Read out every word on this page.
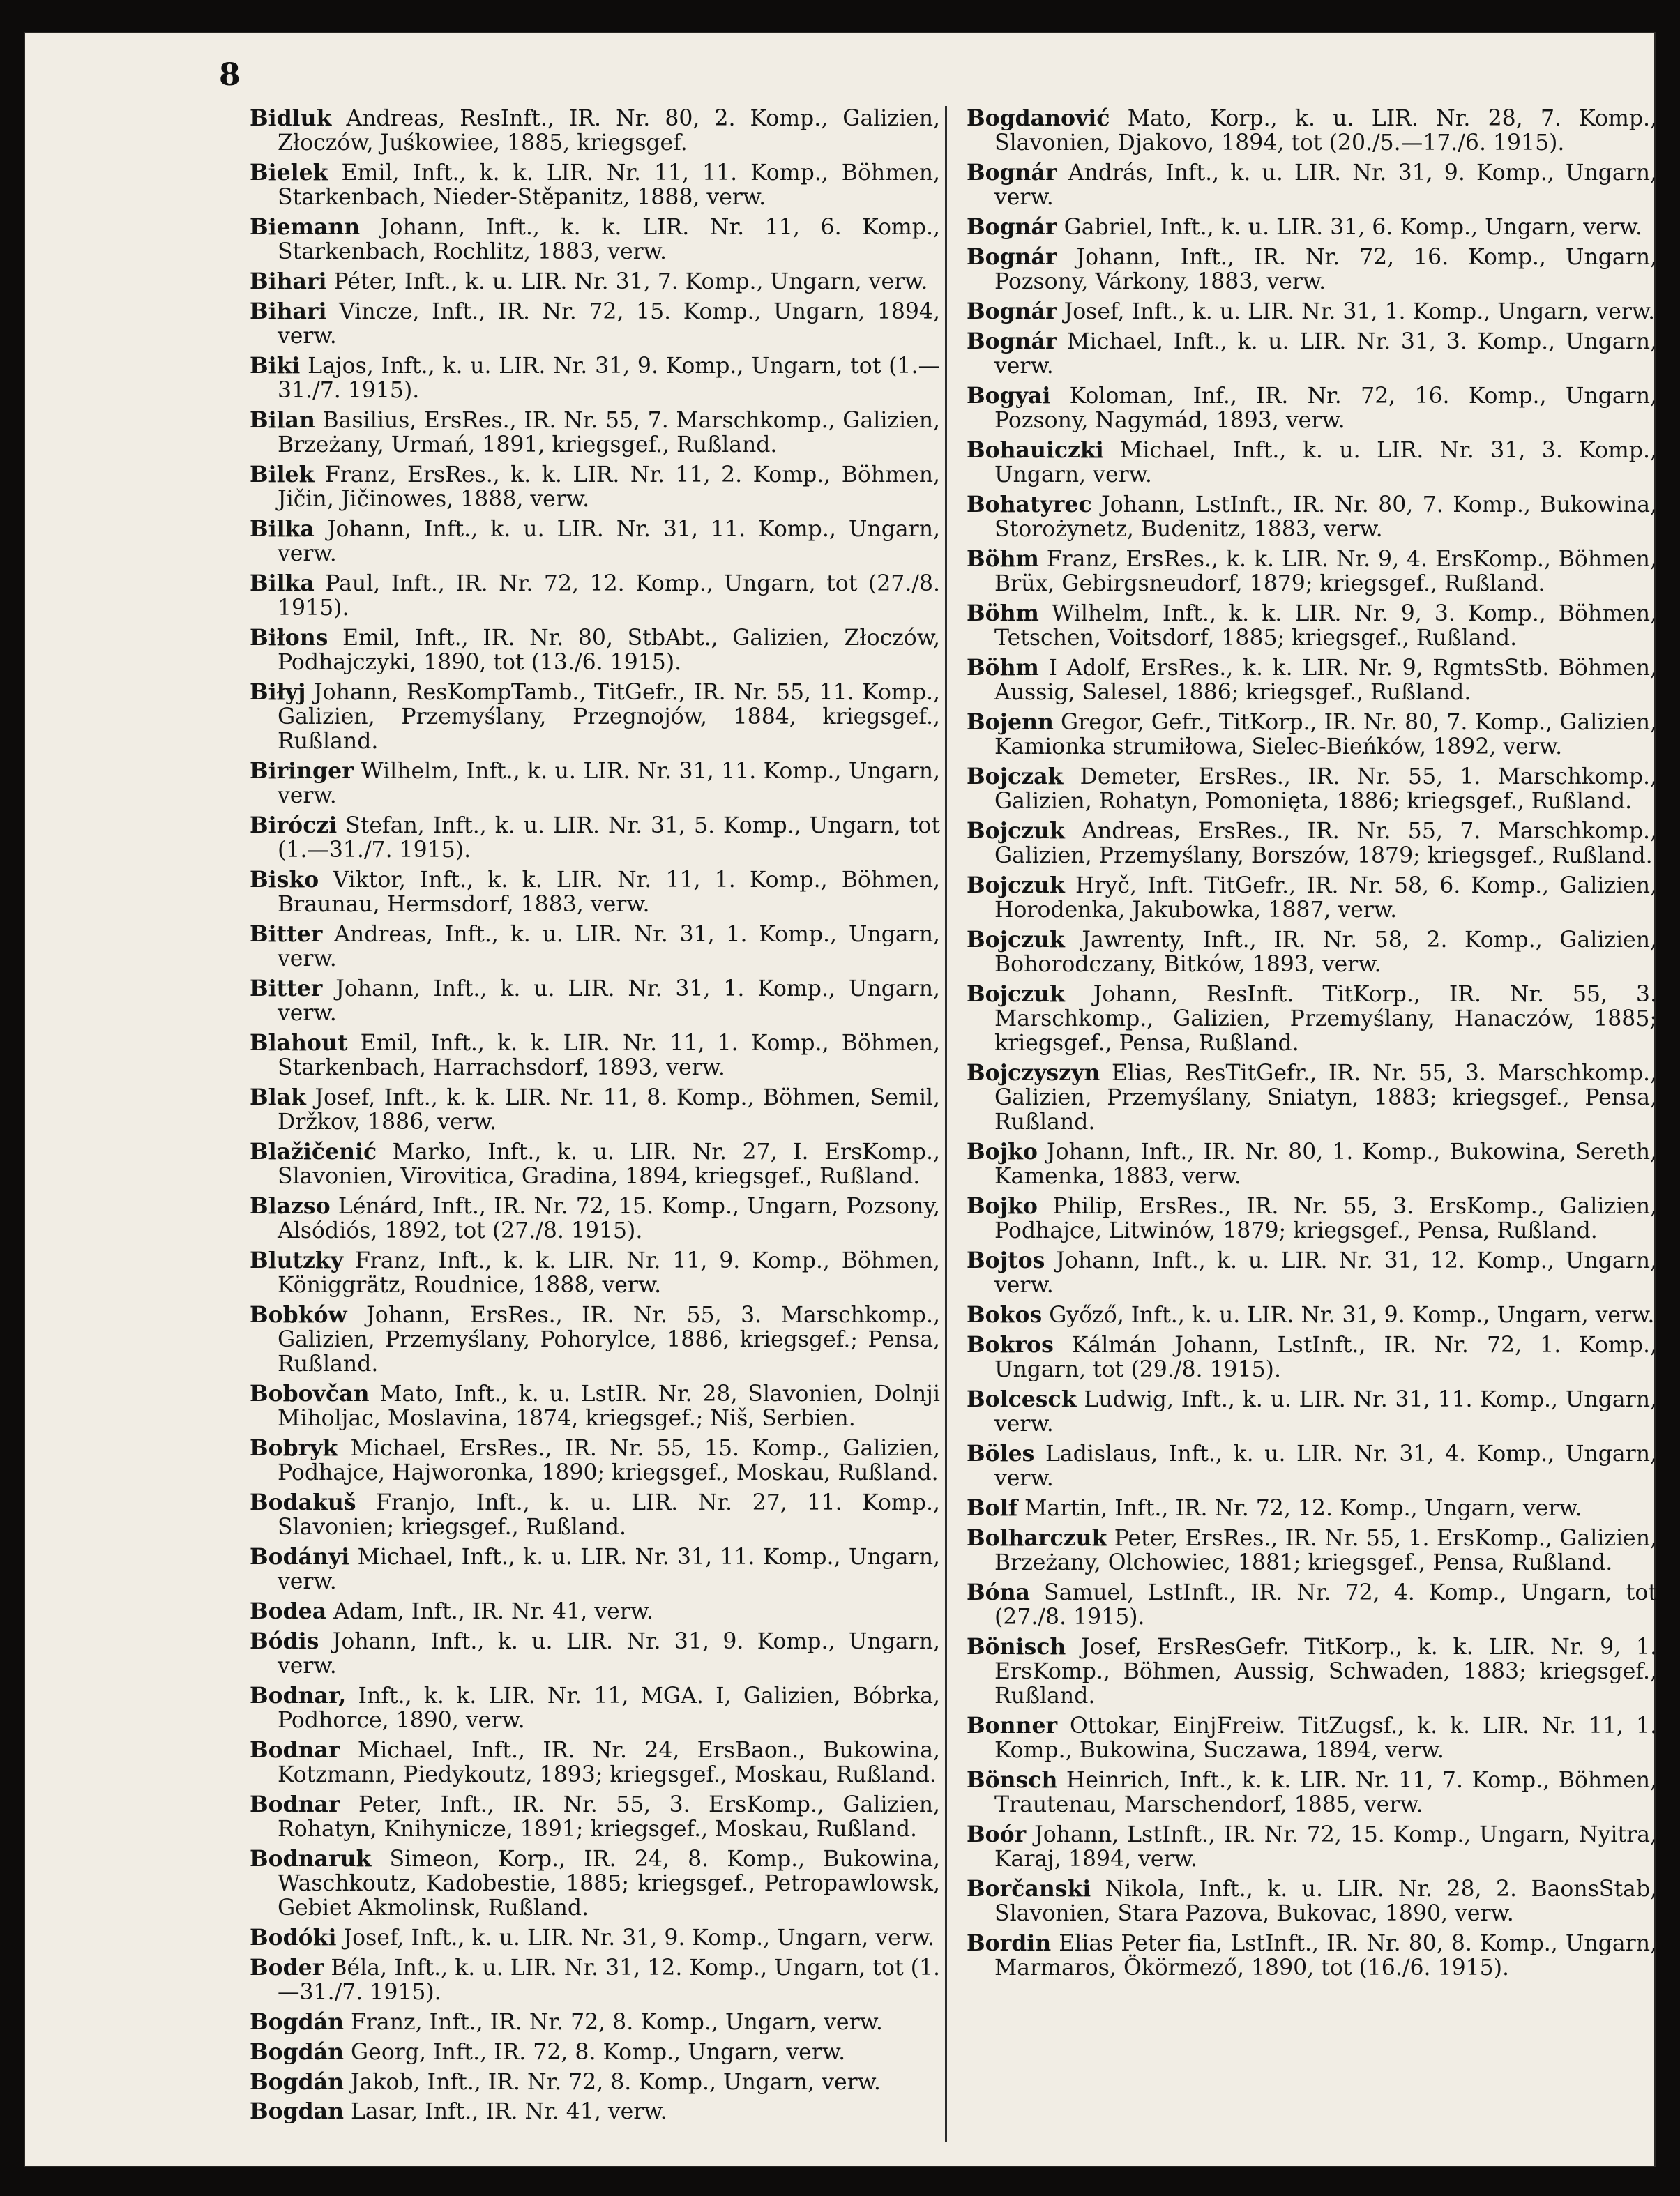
8
Bidluk Andreas, ResInft., IR. Nr. 80, 2. Komp., Galizien, Złoczów, Juśkowiee, 1885, kriegsgef.
Bielek Emil, Inft., k. k. LIR. Nr. 11, 11. Komp., Böhmen, Starkenbach, Nieder-Stěpanitz, 1888, verw.
Biemann Johann, Inft., k. k. LIR. Nr. 11, 6. Komp., Starkenbach, Rochlitz, 1883, verw.
Bihari Péter, Inft., k. u. LIR. Nr. 31, 7. Komp., Ungarn, verw.
Bihari Vincze, Inft., IR. Nr. 72, 15. Komp., Ungarn, 1894, verw.
Biki Lajos, Inft., k. u. LIR. Nr. 31, 9. Komp., Ungarn, tot (1.—31./7. 1915).
Bilan Basilius, ErsRes., IR. Nr. 55, 7. Marschkomp., Galizien, Brzeżany, Urmań, 1891, kriegsgef., Rußland.
Bilek Franz, ErsRes., k. k. LIR. Nr. 11, 2. Komp., Böhmen, Jičin, Jičinowes, 1888, verw.
Bilka Johann, Inft., k. u. LIR. Nr. 31, 11. Komp., Ungarn, verw.
Bilka Paul, Inft., IR. Nr. 72, 12. Komp., Ungarn, tot (27./8. 1915).
Biłons Emil, Inft., IR. Nr. 80, StbAbt., Galizien, Złoczów, Podhajczyki, 1890, tot (13./6. 1915).
Biłyj Johann, ResKompTamb., TitGefr., IR. Nr. 55, 11. Komp., Galizien, Przemyślany, Przegnojów, 1884, kriegsgef., Rußland.
Biringer Wilhelm, Inft., k. u. LIR. Nr. 31, 11. Komp., Ungarn, verw.
Biróczi Stefan, Inft., k. u. LIR. Nr. 31, 5. Komp., Ungarn, tot (1.—31./7. 1915).
Bisko Viktor, Inft., k. k. LIR. Nr. 11, 1. Komp., Böhmen, Braunau, Hermsdorf, 1883, verw.
Bitter Andreas, Inft., k. u. LIR. Nr. 31, 1. Komp., Ungarn, verw.
Bitter Johann, Inft., k. u. LIR. Nr. 31, 1. Komp., Ungarn, verw.
Blahout Emil, Inft., k. k. LIR. Nr. 11, 1. Komp., Böhmen, Starkenbach, Harrachsdorf, 1893, verw.
Blak Josef, Inft., k. k. LIR. Nr. 11, 8. Komp., Böhmen, Semil, Držkov, 1886, verw.
Blažičenić Marko, Inft., k. u. LIR. Nr. 27, I. ErsKomp., Slavonien, Virovitica, Gradina, 1894, kriegsgef., Rußland.
Blazso Lénárd, Inft., IR. Nr. 72, 15. Komp., Ungarn, Pozsony, Alsódiós, 1892, tot (27./8. 1915).
Blutzky Franz, Inft., k. k. LIR. Nr. 11, 9. Komp., Böhmen, Königgrätz, Roudnice, 1888, verw.
Bobków Johann, ErsRes., IR. Nr. 55, 3. Marschkomp., Galizien, Przemyślany, Pohorylce, 1886, kriegsgef.; Pensa, Rußland.
Bobovčan Mato, Inft., k. u. LstIR. Nr. 28, Slavonien, Dolnji Miholjac, Moslavina, 1874, kriegsgef.; Niš, Serbien.
Bobryk Michael, ErsRes., IR. Nr. 55, 15. Komp., Galizien, Podhajce, Hajworonka, 1890; kriegsgef., Moskau, Rußland.
Bodakuš Franjo, Inft., k. u. LIR. Nr. 27, 11. Komp., Slavonien; kriegsgef., Rußland.
Bodányi Michael, Inft., k. u. LIR. Nr. 31, 11. Komp., Ungarn, verw.
Bodea Adam, Inft., IR. Nr. 41, verw.
Bódis Johann, Inft., k. u. LIR. Nr. 31, 9. Komp., Ungarn, verw.
Bodnar, Inft., k. k. LIR. Nr. 11, MGA. I, Galizien, Bóbrka, Podhorce, 1890, verw.
Bodnar Michael, Inft., IR. Nr. 24, ErsBaon., Bukowina, Kotzmann, Piedykoutz, 1893; kriegsgef., Moskau, Rußland.
Bodnar Peter, Inft., IR. Nr. 55, 3. ErsKomp., Galizien, Rohatyn, Knihynicze, 1891; kriegsgef., Moskau, Rußland.
Bodnaruk Simeon, Korp., IR. 24, 8. Komp., Bukowina, Waschkoutz, Kadobestie, 1885; kriegsgef., Petropawlowsk, Gebiet Akmolinsk, Rußland.
Bodóki Josef, Inft., k. u. LIR. Nr. 31, 9. Komp., Ungarn, verw.
Boder Béla, Inft., k. u. LIR. Nr. 31, 12. Komp., Ungarn, tot (1.—31./7. 1915).
Bogdán Franz, Inft., IR. Nr. 72, 8. Komp., Ungarn, verw.
Bogdán Georg, Inft., IR. 72, 8. Komp., Ungarn, verw.
Bogdán Jakob, Inft., IR. Nr. 72, 8. Komp., Ungarn, verw.
Bogdan Lasar, Inft., IR. Nr. 41, verw.
Bogdanović Mato, Korp., k. u. LIR. Nr. 28, 7. Komp., Slavonien, Djakovo, 1894, tot (20./5.—17./6. 1915).
Bognár András, Inft., k. u. LIR. Nr. 31, 9. Komp., Ungarn, verw.
Bognár Gabriel, Inft., k. u. LIR. 31, 6. Komp., Ungarn, verw.
Bognár Johann, Inft., IR. Nr. 72, 16. Komp., Ungarn, Pozsony, Várkony, 1883, verw.
Bognár Josef, Inft., k. u. LIR. Nr. 31, 1. Komp., Ungarn, verw.
Bognár Michael, Inft., k. u. LIR. Nr. 31, 3. Komp., Ungarn, verw.
Bogyai Koloman, Inf., IR. Nr. 72, 16. Komp., Ungarn, Pozsony, Nagymád, 1893, verw.
Bohauiczki Michael, Inft., k. u. LIR. Nr. 31, 3. Komp., Ungarn, verw.
Bohatyrec Johann, LstInft., IR. Nr. 80, 7. Komp., Bukowina, Storożynetz, Budenitz, 1883, verw.
Böhm Franz, ErsRes., k. k. LIR. Nr. 9, 4. ErsKomp., Böhmen, Brüx, Gebirgsneudorf, 1879; kriegsgef., Rußland.
Böhm Wilhelm, Inft., k. k. LIR. Nr. 9, 3. Komp., Böhmen, Tetschen, Voitsdorf, 1885; kriegsgef., Rußland.
Böhm I Adolf, ErsRes., k. k. LIR. Nr. 9, RgmtsStb. Böhmen, Aussig, Salesel, 1886; kriegsgef., Rußland.
Bojenn Gregor, Gefr., TitKorp., IR. Nr. 80, 7. Komp., Galizien, Kamionka strumiłowa, Sielec-Bieńków, 1892, verw.
Bojczak Demeter, ErsRes., IR. Nr. 55, 1. Marschkomp., Galizien, Rohatyn, Pomonięta, 1886; kriegsgef., Rußland.
Bojczuk Andreas, ErsRes., IR. Nr. 55, 7. Marschkomp., Galizien, Przemyślany, Borszów, 1879; kriegsgef., Rußland.
Bojczuk Hryč, Inft. TitGefr., IR. Nr. 58, 6. Komp., Galizien, Horodenka, Jakubowka, 1887, verw.
Bojczuk Jawrenty, Inft., IR. Nr. 58, 2. Komp., Galizien, Bohorodczany, Bitków, 1893, verw.
Bojczuk Johann, ResInft. TitKorp., IR. Nr. 55, 3. Marschkomp., Galizien, Przemyślany, Hanaczów, 1885; kriegsgef., Pensa, Rußland.
Bojczyszyn Elias, ResTitGefr., IR. Nr. 55, 3. Marschkomp., Galizien, Przemyślany, Sniatyn, 1883; kriegsgef., Pensa, Rußland.
Bojko Johann, Inft., IR. Nr. 80, 1. Komp., Bukowina, Sereth, Kamenka, 1883, verw.
Bojko Philip, ErsRes., IR. Nr. 55, 3. ErsKomp., Galizien, Podhajce, Litwinów, 1879; kriegsgef., Pensa, Rußland.
Bojtos Johann, Inft., k. u. LIR. Nr. 31, 12. Komp., Ungarn, verw.
Bokos Győző, Inft., k. u. LIR. Nr. 31, 9. Komp., Ungarn, verw.
Bokros Kálmán Johann, LstInft., IR. Nr. 72, 1. Komp., Ungarn, tot (29./8. 1915).
Bolcesck Ludwig, Inft., k. u. LIR. Nr. 31, 11. Komp., Ungarn, verw.
Böles Ladislaus, Inft., k. u. LIR. Nr. 31, 4. Komp., Ungarn, verw.
Bolf Martin, Inft., IR. Nr. 72, 12. Komp., Ungarn, verw.
Bolharczuk Peter, ErsRes., IR. Nr. 55, 1. ErsKomp., Galizien, Brzeżany, Olchowiec, 1881; kriegsgef., Pensa, Rußland.
Bóna Samuel, LstInft., IR. Nr. 72, 4. Komp., Ungarn, tot (27./8. 1915).
Bönisch Josef, ErsResGefr. TitKorp., k. k. LIR. Nr. 9, 1. ErsKomp., Böhmen, Aussig, Schwaden, 1883; kriegsgef., Rußland.
Bonner Ottokar, EinjFreiw. TitZugsf., k. k. LIR. Nr. 11, 1. Komp., Bukowina, Suczawa, 1894, verw.
Bönsch Heinrich, Inft., k. k. LIR. Nr. 11, 7. Komp., Böhmen, Trautenau, Marschendorf, 1885, verw.
Boór Johann, LstInft., IR. Nr. 72, 15. Komp., Ungarn, Nyitra, Karaj, 1894, verw.
Borčanski Nikola, Inft., k. u. LIR. Nr. 28, 2. BaonsStab, Slavonien, Stara Pazova, Bukovac, 1890, verw.
Bordin Elias Peter fia, LstInft., IR. Nr. 80, 8. Komp., Ungarn, Marmaros, Ökörmező, 1890, tot (16./6. 1915).
